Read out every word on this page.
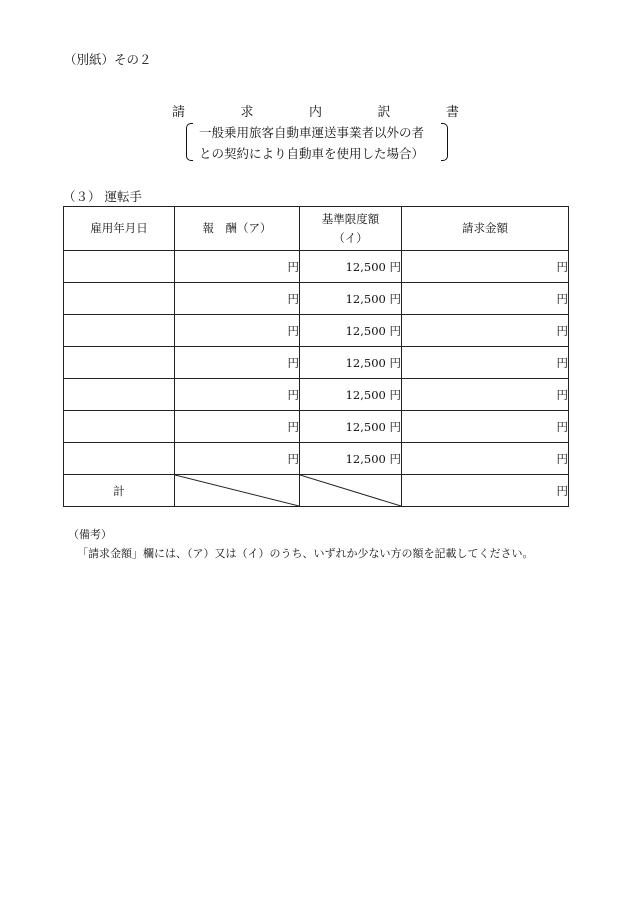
（別紙）その２
請	求	内	訳	書
一般乗用旅客自動車運送事業者以外の者
との契約により自動車を使用した場合）
（３） 運転手
雇用年月日	報　酬（ア）	基準限度額
（イ）	請求金額
	円	12,500 円	円
	円	12,500 円	円
	円	12,500 円	円
	円	12,500 円	円
	円	12,500 円	円
	円	12,500 円	円
	円	12,500 円	円
計			円
（備考）
「請求金額」欄には、（ア）又は（イ）のうち、いずれか少ない方の額を記載してください。
